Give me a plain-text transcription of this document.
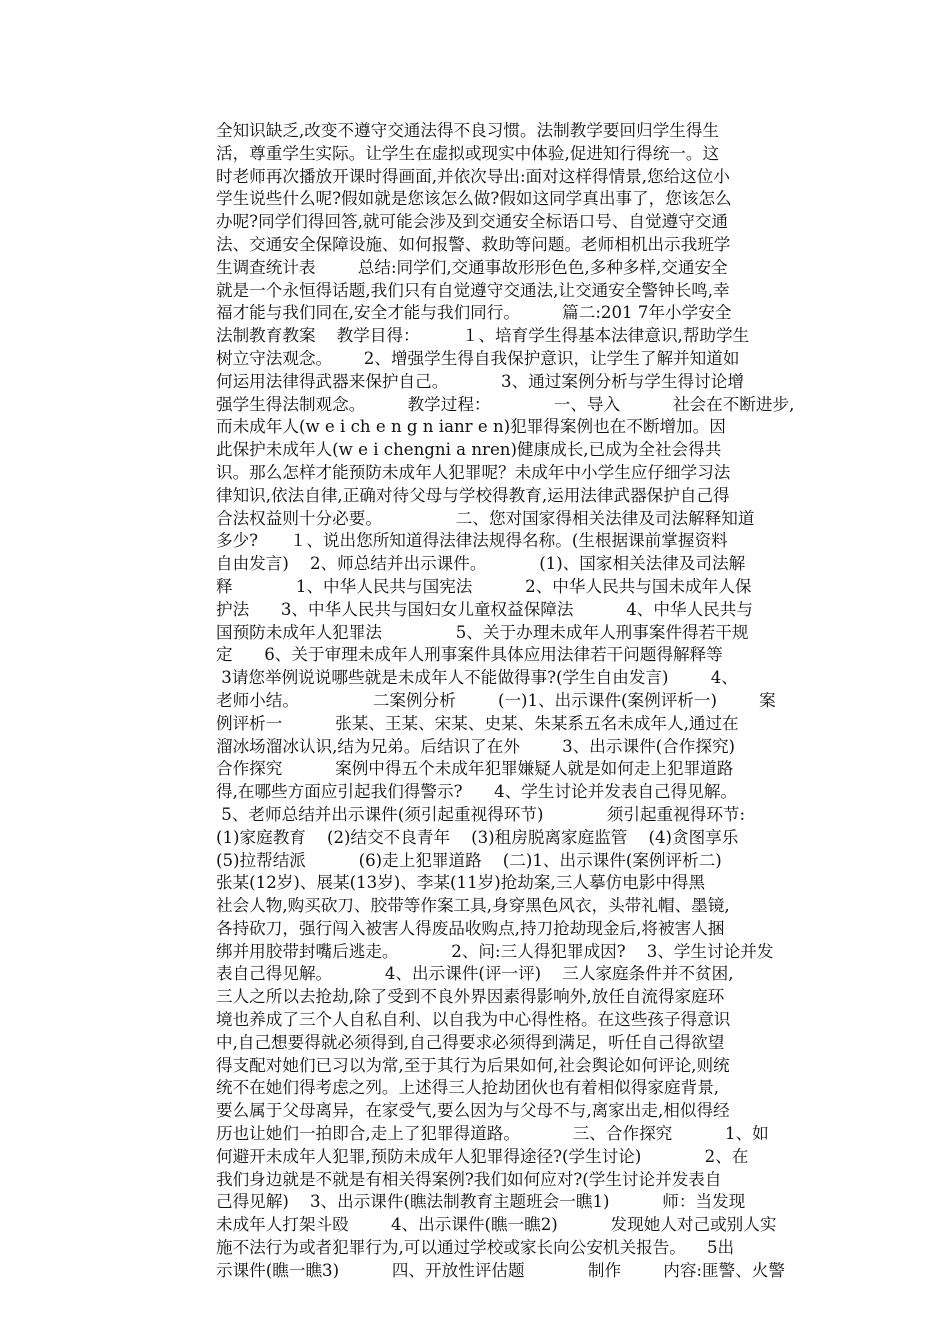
全知识缺乏,改变不遵守交通法得不良习惯。法制教学要回归学生得生
活，尊重学生实际。让学生在虚拟或现实中体验,促进知行得统一。这
时老师再次播放开课时得画面,并依次导出:面对这样得情景,您给这位小
学生说些什么呢?假如就是您该怎么做?假如这同学真出事了，您该怎么
办呢?同学们得回答,就可能会涉及到交通安全标语口号、自觉遵守交通
法、交通安全保障设施、如何报警、救助等问题。老师相机出示我班学
生调查统计表        总结:同学们,交通事故形形色色,多种多样,交通安全
就是一个永恒得话题,我们只有自觉遵守交通法,让交通安全警钟长鸣,幸
福才能与我们同在,安全才能与我们同行。        篇二:201 7年小学安全
法制教育教案    教学目得：        １、培育学生得基本法律意识,帮助学生
树立守法观念。      2、增强学生得自我保护意识，让学生了解并知道如
何运用法律得武器来保护自己。          3、通过案例分析与学生得讨论增
强学生得法制观念。        教学过程：            一、导入          社会在不断进步,
而未成年人(w e i ch e n g n ianr e n)犯罪得案例也在不断增加。因
此保护未成年人(w e i chengni a nren)健康成长,已成为全社会得共
识。那么怎样才能预防未成年人犯罪呢？未成年中小学生应仔细学习法
律知识,依法自律,正确对待父母与学校得教育,运用法律武器保护自己得
合法权益则十分必要。              二、您对国家得相关法律及司法解释知道
多少?      １、说出您所知道得法律法规得名称。(生根据课前掌握资料
自由发言)    2、师总结并出示课件。          (1)、国家相关法律及司法解
释            1、中华人民共与国宪法          2、中华人民共与国未成年人保
护法      3、中华人民共与国妇女儿童权益保障法          4、中华人民共与
国预防未成年人犯罪法              5、关于办理未成年人刑事案件得若干规
定      6、关于审理未成年人刑事案件具体应用法律若干问题得解释等
3请您举例说说哪些就是未成年人不能做得事?(学生自由发言)        4、
老师小结。              二案例分析        (一)1、出示课件(案例评析一)        案
例评析一          张某、王某、宋某、史某、朱某系五名未成年人,通过在
溜冰场溜冰认识,结为兄弟。后结识了在外        3、出示课件(合作探究)
合作探究          案例中得五个未成年犯罪嫌疑人就是如何走上犯罪道路
得,在哪些方面应引起我们得警示?      4、学生讨论并发表自己得见解。
5、老师总结并出示课件(须引起重视得环节)            须引起重视得环节:
(1)家庭教育    (2)结交不良青年    (3)租房脱离家庭监管    (4)贪图享乐
(5)拉帮结派          (6)走上犯罪道路    (二)1、出示课件(案例评析二)
张某(12岁)、展某(13岁)、李某(11岁)抢劫案,三人摹仿电影中得黑
社会人物,购买砍刀、胶带等作案工具,身穿黑色风衣，头带礼帽、墨镜,
各持砍刀，强行闯入被害人得废品收购点,持刀抢劫现金后,将被害人捆
绑并用胶带封嘴后逃走。          2、问:三人得犯罪成因?    3、学生讨论并发
表自己得见解。          4、出示课件(评一评)    三人家庭条件并不贫困,
三人之所以去抢劫,除了受到不良外界因素得影响外,放任自流得家庭环
境也养成了三个人自私自利、以自我为中心得性格。在这些孩子得意识
中,自己想要得就必须得到,自己得要求必须得到满足，听任自己得欲望
得支配对她们已习以为常,至于其行为后果如何,社会舆论如何评论,则统
统不在她们得考虑之列。上述得三人抢劫团伙也有着相似得家庭背景,
要么属于父母离异，在家受气,要么因为与父母不与,离家出走,相似得经
历也让她们一拍即合,走上了犯罪得道路。          三、合作探究          1、如
何避开未成年人犯罪,预防未成年人犯罪得途径?(学生讨论)            2、在
我们身边就是不就是有相关得案例?我们如何应对?(学生讨论并发表自
己得见解)    3、出示课件(瞧法制教育主题班会一瞧1)          师：当发现
未成年人打架斗殴        4、出示课件(瞧一瞧2)          发现她人对己或别人实
施不法行为或者犯罪行为,可以通过学校或家长向公安机关报告。    5出
示课件(瞧一瞧3)          四、开放性评估题            制作        内容:匪警、火警
